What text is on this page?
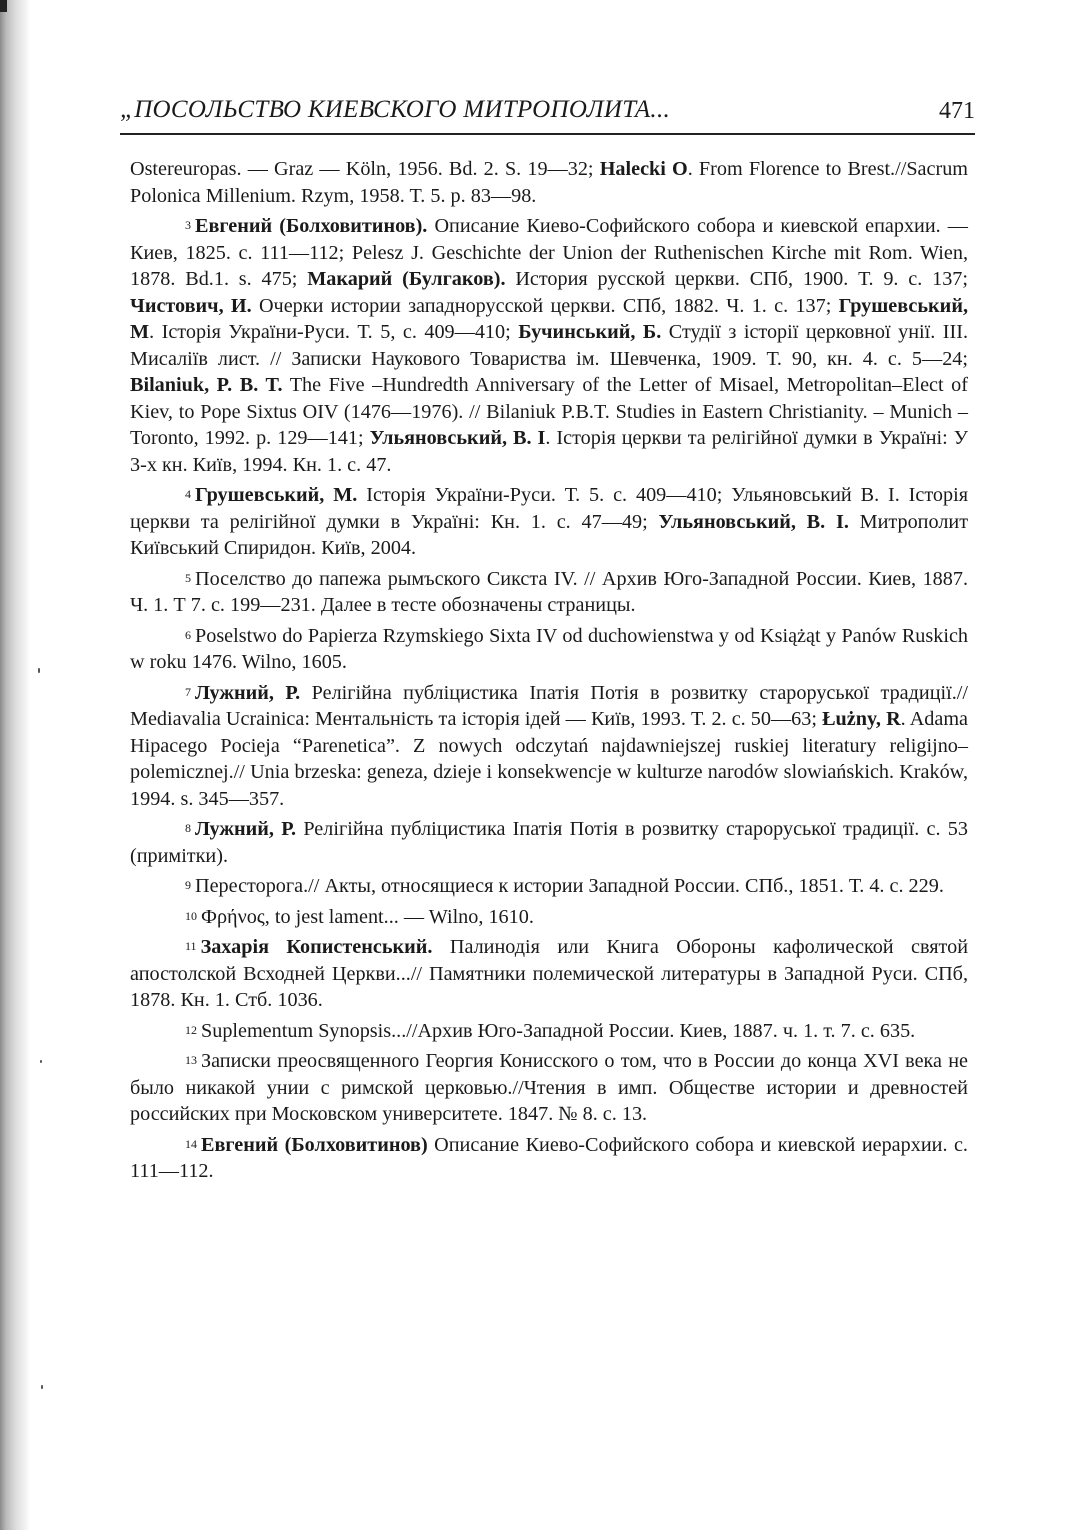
„ПОСОЛЬСТВО КИЕВСКОГО МИТРОПОЛИТА...	471

Ostereuropas. — Graz — Köln, 1956. Bd. 2. S. 19—32; Halecki O. From Florence to Brest.//Sacrum Polonica Millenium. Rzym, 1958. T. 5. p. 83—98.

$^3$ Евгений (Болховитинов). Описание Киево-Софийского собора и киевской епархии. — Киев, 1825. с. 111—112; Pelesz J. Geschichte der Union der Ruthenischen Kirche mit Rom. Wien, 1878. Bd.1. s. 475; Макарий (Булгаков). История русской церкви. СПб, 1900. Т. 9. с. 137; Чистович, И. Очерки истории западнорусской церкви. СПб, 1882. Ч. 1. с. 137; Грушевський, М. Історія України-Руси. Т. 5, с. 409—410; Бучинський, Б. Студії з історії церковної унії. III. Мисаліїв лист. // Записки Наукового Товариства ім. Шевченка, 1909. Т. 90, кн. 4. с. 5—24; Bilaniuk, P. B. T. The Five –Hundredth Anniversary of the Letter of Misael, Metropolitan–Elect of Kiev, to Pope Sixtus OIV (1476—1976). // Bilaniuk P.B.T. Studies in Eastern Christianity. – Munich –Toronto, 1992. p. 129—141; Ульяновський, В. І. Історія церкви та релігійної думки в Україні: У 3-х кн. Київ, 1994. Кн. 1. с. 47.

$^4$ Грушевський, М. Історія України-Руси. Т. 5. с. 409—410; Ульяновський В. І. Історія церкви та релігійної думки в Україні: Кн. 1. с. 47—49; Ульяновський, В. І. Митрополит Київський Спиридон. Київ, 2004.

$^5$ Поселство до папежа рымъского Сикста IV. // Архив Юго-Западной России. Киев, 1887. Ч. 1. Т 7. с. 199—231. Далее в тесте обозначены страницы.

$^6$ Poselstwo do Papierza Rzymskiego Sixta IV od duchowienstwa y od Książąt y Panów Ruskich w roku 1476. Wilno, 1605.

$^7$ Лужний, Р. Релігійна публіцистика Іпатія Потія в розвитку староруської традиції.// Mediavalia Ucrainica: Ментальність та історія ідей — Київ, 1993. Т. 2. с. 50—63; Łużny, R. Adama Hipacego Pocieja “Parenetica”. Z nowych odczytań najdawniejszej ruskiej literatury religijno–polemicznej.// Unia brzeska: geneza, dzieje i konsekwencje w kulturze narodów slowiańskich. Kraków, 1994. s. 345—357.

$^8$ Лужний, Р. Релігійна публіцистика Іпатія Потія в розвитку староруської традиції. с. 53 (примітки).

$^9$ Пересторога.// Акты, относящиеся к истории Западной России. СПб., 1851. Т. 4. с. 229.

$^{10}$ Фρήνος, to jest lament... — Wilno, 1610.

$^{11}$ Захарія Копистенський. Палинодія или Книга Обороны кафолической святой апостолской Всходней Церкви...// Памятники полемической литературы в Западной Руси. СПб, 1878. Кн. 1. Стб. 1036.

$^{12}$ Suplementum Synopsis...//Архив Юго-Западной России. Киев, 1887. ч. 1. т. 7. с. 635.

$^{13}$ Записки преосвященного Георгия Конисского о том, что в России до конца XVI века не было никакой унии с римской церковью.//Чтения в имп. Обществе истории и древностей российских при Московском университете. 1847. № 8. с. 13.

$^{14}$ Евгений (Болховитинов) Описание Киево-Софийского собора и киевской иерархии. с. 111—112.
